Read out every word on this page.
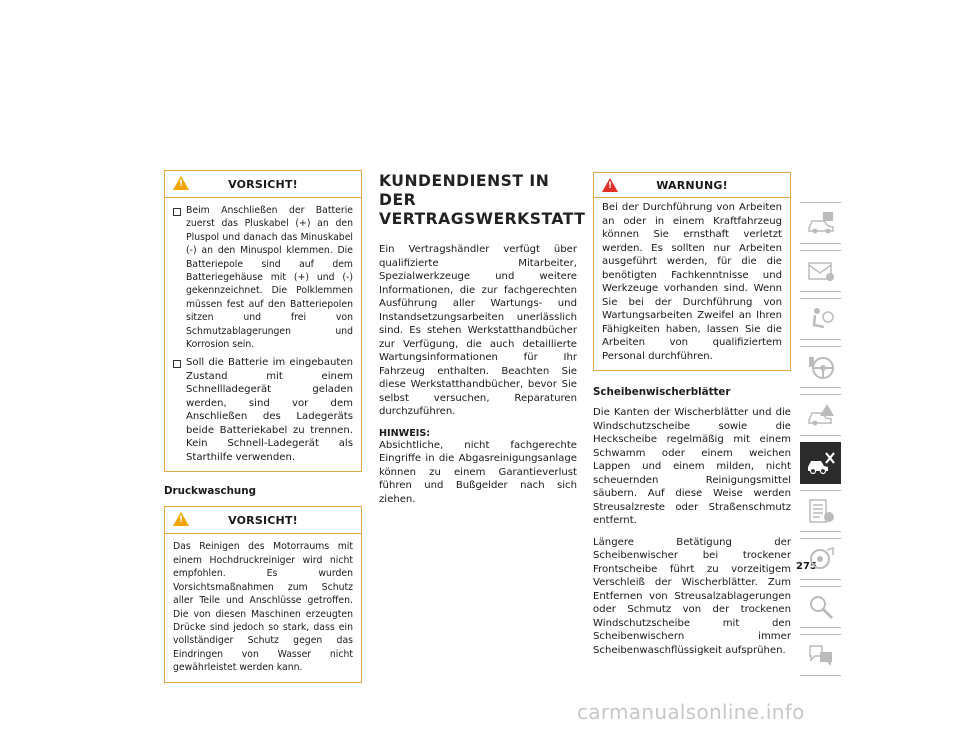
!
VORSICHT!

Beim Anschließen der Batterie zuerst das Pluskabel (+) an den Pluspol und danach das Minuskabel (-) an den Minuspol klemmen. Die Batteriepole sind auf dem Batteriegehäuse mit (+) und (-) gekennzeichnet. Die Polklemmen müssen fest auf den Batteriepolen sitzen und frei von Schmutzablagerungen und Korrosion sein.

Soll die Batterie im eingebauten Zustand mit einem Schnellladegerät geladen werden, sind vor dem Anschließen des Ladegeräts beide Batteriekabel zu trennen. Kein Schnell-Ladegerät als Starthilfe verwenden.

Druckwaschung
!
VORSICHT!

Das Reinigen des Motorraums mit einem Hochdruckreiniger wird nicht empfohlen. Es wurden Vorsichtsmaßnahmen zum Schutz aller Teile und Anschlüsse getroffen. Die von diesen Maschinen erzeugten Drücke sind jedoch so stark, dass ein vollständiger Schutz gegen das Eindringen von Wasser nicht gewährleistet werden kann.

KUNDENDIENST IN DER VERTRAGSWERKSTATT

Ein Vertragshändler verfügt über qualifizierte Mitarbeiter, Spezialwerkzeuge und weitere Informationen, die zur fachgerechten Ausführung aller Wartungs- und Instandsetzungsarbeiten unerlässlich sind. Es stehen Werkstatthandbücher zur Verfügung, die auch detaillierte Wartungsinformationen für Ihr Fahrzeug enthalten. Beachten Sie diese Werkstatthandbücher, bevor Sie selbst versuchen, Reparaturen durchzuführen.

HINWEIS:

Absichtliche, nicht fachgerechte Eingriffe in die Abgasreinigungsanlage können zu einem Garantieverlust führen und Bußgelder nach sich ziehen.

!
WARNUNG!

Bei der Durchführung von Arbeiten an oder in einem Kraftfahrzeug können Sie ernsthaft verletzt werden. Es sollten nur Arbeiten ausgeführt werden, für die die benötigten Fachkenntnisse und Werkzeuge vorhanden sind. Wenn Sie bei der Durchführung von Wartungsarbeiten Zweifel an Ihren Fähigkeiten haben, lassen Sie die Arbeiten von qualifiziertem Personal durchführen.

Scheibenwischerblätter

Die Kanten der Wischerblätter und die Windschutzscheibe sowie die Heckscheibe regelmäßig mit einem Schwamm oder einem weichen Lappen und einem milden, nicht scheuernden Reinigungsmittel säubern. Auf diese Weise werden Streusalzreste oder Straßenschmutz entfernt.

Längere Betätigung der Scheibenwischer bei trockener Frontscheibe führt zu vorzeitigem Verschleiß der Wischerblätter. Zum Entfernen von Streusalzablagerungen oder Schmutz von der trockenen Windschutzscheibe mit den Scheibenwischern immer Scheibenwaschflüssigkeit aufsprühen.

275
carmanualsonline.info
